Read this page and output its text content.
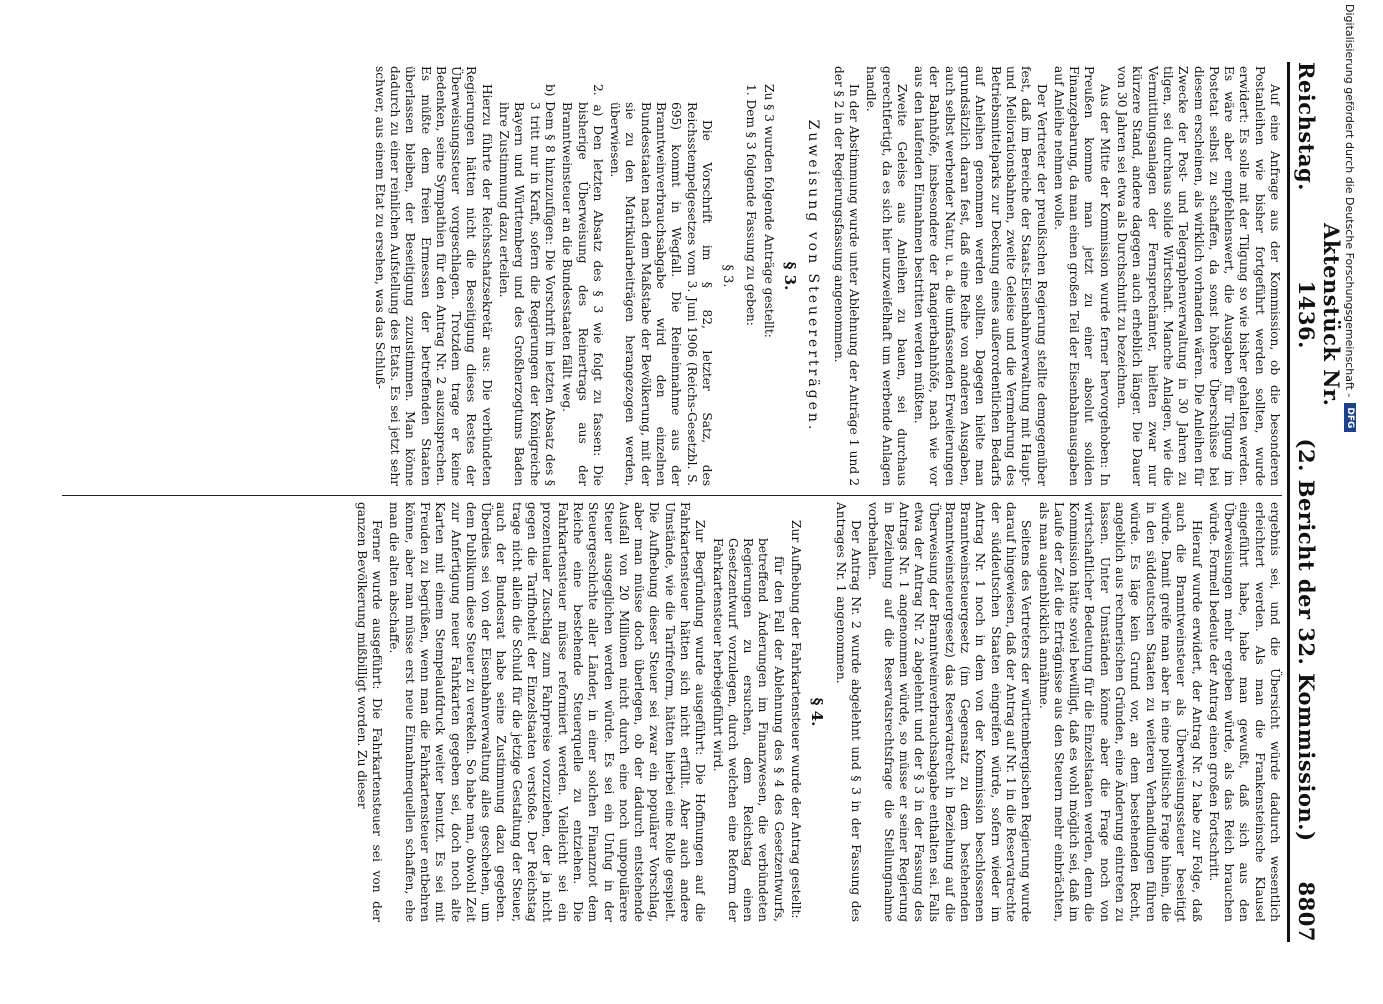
Reichstag.
Aktenstück Nr. 1436.
(2. Bericht der 32. Kommission.)
8807

Auf eine Anfrage aus der Kommission, ob die besonderen Postanleihen wie bisher fortgeführt werden sollten, wurde erwidert: Es solle mit der Tilgung so wie bisher gehalten werden. Es wäre aber empfehlenswert, die Ausgaben für Tilgung im Postetat selbst zu schaffen, da sonst höhere Überschüsse bei diesem erscheinen, als wirklich vorhanden wären. Die Anleihen für Zwecke der Post- und Telegraphenverwaltung in 30 Jahren zu tilgen, sei durchaus solide Wirtschaft. Manche Anlagen, wie die Vermittlungsanlagen der Fernsprechämter, hielten zwar nur kürzere Stand, andere dagegen auch erheblich länger. Die Dauer von 30 Jahren sei etwa als Durchschnitt zu bezeichnen.

Aus der Mitte der Kommission wurde ferner hervorgehoben: In Preußen komme man jetzt zu einer absolut soliden Finanzgebarung, da man einen großen Teil der Eisenbahnausgaben auf Anleihe nehmen wolle.

Der Vertreter der preußischen Regierung stellte demgegenüber fest, daß im Bereiche der Staats-Eisenbahnverwaltung mit Haupt- und Meliorationsbahnen, zweite Geleise und die Vermehrung des Betriebsmittelparks zur Deckung eines außerordentlichen Bedarfs auf Anleihen genommen werden sollten. Dagegen hielte man grundsätzlich daran fest, daß eine Reihe von anderen Ausgaben, auch selbst werbender Natur, u. a. die umfassenden Erweiterungen der Bahnhöfe, insbesondere der Rangierbahnhöfe, nach wie vor aus den laufenden Einnahmen bestritten werden müßten.

Zweite Geleise aus Anleihen zu bauen, sei durchaus gerechtfertigt, da es sich hier unzweifelhaft um werbende Anlagen handle.

In der Abstimmung wurde unter Ablehnung der Anträge 1 und 2 der § 2 in der Regierungsfassung angenommen.

Zuweisung von Steuererträgen.
§ 3.

Zu § 3 wurden folgende Anträge gestellt:

1. Dem § 3 folgende Fassung zu geben:

§ 3.

Die Vorschrift im § 82, letzter Satz, des Reichsstempelgesetzes vom 3. Juni 1906 (Reichs-Gesetzbl. S. 695) kommt in Wegfall. Die Reineinnahme aus der Branntweinverbrauchsabgabe wird den einzelnen Bundesstaaten nach dem Maßstabe der Bevölkerung, mit der sie zu den Matrikularbeiträgen herangezogen werden, überwiesen.

2. a) Den letzten Absatz des § 3 wie folgt zu fassen: Die bisherige Überweisung des Reinertrags aus der Branntweinsteuer an die Bundesstaaten fällt weg.

b) Dem § 8 hinzuzufügen: Die Vorschrift im letzten Absatz des § 3 tritt nur in Kraft, sofern die Regierungen der Königreiche Bayern und Württemberg und des Großherzogtums Baden ihre Zustimmung dazu erteilen.

Hierzu führte der Reichsschatzsekretär aus: Die verbündeten Regierungen hätten nicht die Beseitigung dieses Restes der Überweisungssteuer vorgeschlagen. Trotzdem trage er keine Bedenken, seine Sympathien für den Antrag Nr. 2 auszusprechen. Es müßte dem freien Ermessen der betreffenden Staaten überlassen bleiben, der Beseitigung zuzustimmen. Man könne dadurch zu einer reinlichen Aufstellung des Etats. Es sei jetzt sehr schwer, aus einem Etat zu ersehen, was das Schluß-

ergebnis sei, und die Übersicht würde dadurch wesentlich erleichtert werden. Als man die Frankensteinsche Klausel eingeführt habe, habe man gewußt, daß sich aus den Überweisungen mehr ergeben würde, als das Reich brauchen würde. Formell bedeute der Antrag einen großen Fortschritt.

Hierauf wurde erwidert, der Antrag Nr. 2 habe zur Folge, daß auch die Branntweinsteuer als Überweisungssteuer beseitigt würde. Damit greife man aber in eine politische Frage hinein, die in den süddeutschen Staaten zu weiteren Verhandlungen führen würde. Es läge kein Grund vor, an dem bestehenden Recht, angeblich aus rechnerischen Gründen, eine Änderung eintreten zu lassen. Unter Umständen könne aber die Frage noch von wirtschaftlicher Bedeutung für die Einzelstaaten werden, denn die Kommission hätte soviel bewilligt, daß es wohl möglich sei, daß im Laufe der Zeit die Erträgnisse aus den Steuern mehr einbrächten, als man augenblicklich annähme.

Seitens des Vertreters der württembergischen Regierung wurde darauf hingewiesen, daß der Antrag auf Nr. 1 in die Reservatrechte der süddeutschen Staaten eingreifen würde, sofern wieder im Antrag Nr. 1 noch in dem von der Kommission beschlossenen Branntweinsteuergesetz (im Gegensatz zu dem bestehenden Branntweinsteuergesetz) das Reservatrecht in Beziehung auf die Überweisung der Branntweinverbrauchsabgabe enthalten sei. Falls etwa der Antrag Nr. 2 abgelehnt und der § 3 in der Fassung des Antrags Nr. 1 angenommen würde, so müsse er seiner Regierung in Beziehung auf die Reservatsrechtsfrage die Stellungnahme vorbehalten.

Der Antrag Nr. 2 wurde abgelehnt und § 3 in der Fassung des Antrages Nr. 1 angenommen.

§ 4.

Zur Aufhebung der Fahrkartensteuer wurde der Antrag gestellt:

für den Fall der Ablehnung des § 4 des Gesetzentwurfs, betreffend Änderungen im Finanzwesen, die verbündeten Regierungen zu ersuchen, dem Reichstag einen Gesetzentwurf vorzulegen, durch welchen eine Reform der Fahrkartensteuer herbeigeführt wird.

Zur Begründung wurde ausgeführt: Die Hoffnungen auf die Fahrkartensteuer hätten sich nicht erfüllt. Aber auch andere Umstände, wie die Tarifreform, hätten hierbei eine Rolle gespielt. Die Aufhebung dieser Steuer sei zwar ein populärer Vorschlag, aber man müsse doch überlegen, ob der dadurch entstehende Ausfall von 20 Millionen nicht durch eine noch unpopulärere Steuer ausgeglichen werden würde. Es sei ein Unfug in der Steuergeschichte aller Länder, in einer solchen Finanznot dem Reiche eine bestehende Steuerquelle zu entziehen. Die Fahrkartensteuer müsse reformiert werden. Vielleicht sei ein prozentualer Zuschlag zum Fahrpreise vorzuziehen, der ja nicht gegen die Tarifhoheit der Einzelstaaten verstoße. Der Reichstag trage nicht allein die Schuld für die jetzige Gestaltung der Steuer, auch der Bundesrat habe seine Zustimmung dazu gegeben. Überdies sei von der Eisenbahnverwaltung alles geschehen, um dem Publikum diese Steuer zu verekeln. So habe man, obwohl Zeit zur Anfertigung neuer Fahrkarten gegeben sei, doch noch alte Karten mit einem Stempelaufdruck weiter benutzt. Es sei mit Freuden zu begrüßen, wenn man die Fahrkartensteuer entbehren könne, aber man müsse erst neue Einnahmequellen schaffen, ehe man die alten abschaffe.

Ferner wurde ausgeführt: Die Fahrkartensteuer sei von der ganzen Bevölkerung mißbilligt worden. Zu dieser

Digitalisierung gefördert durch die Deutsche Forschungsgemeinschaft -
DFG
